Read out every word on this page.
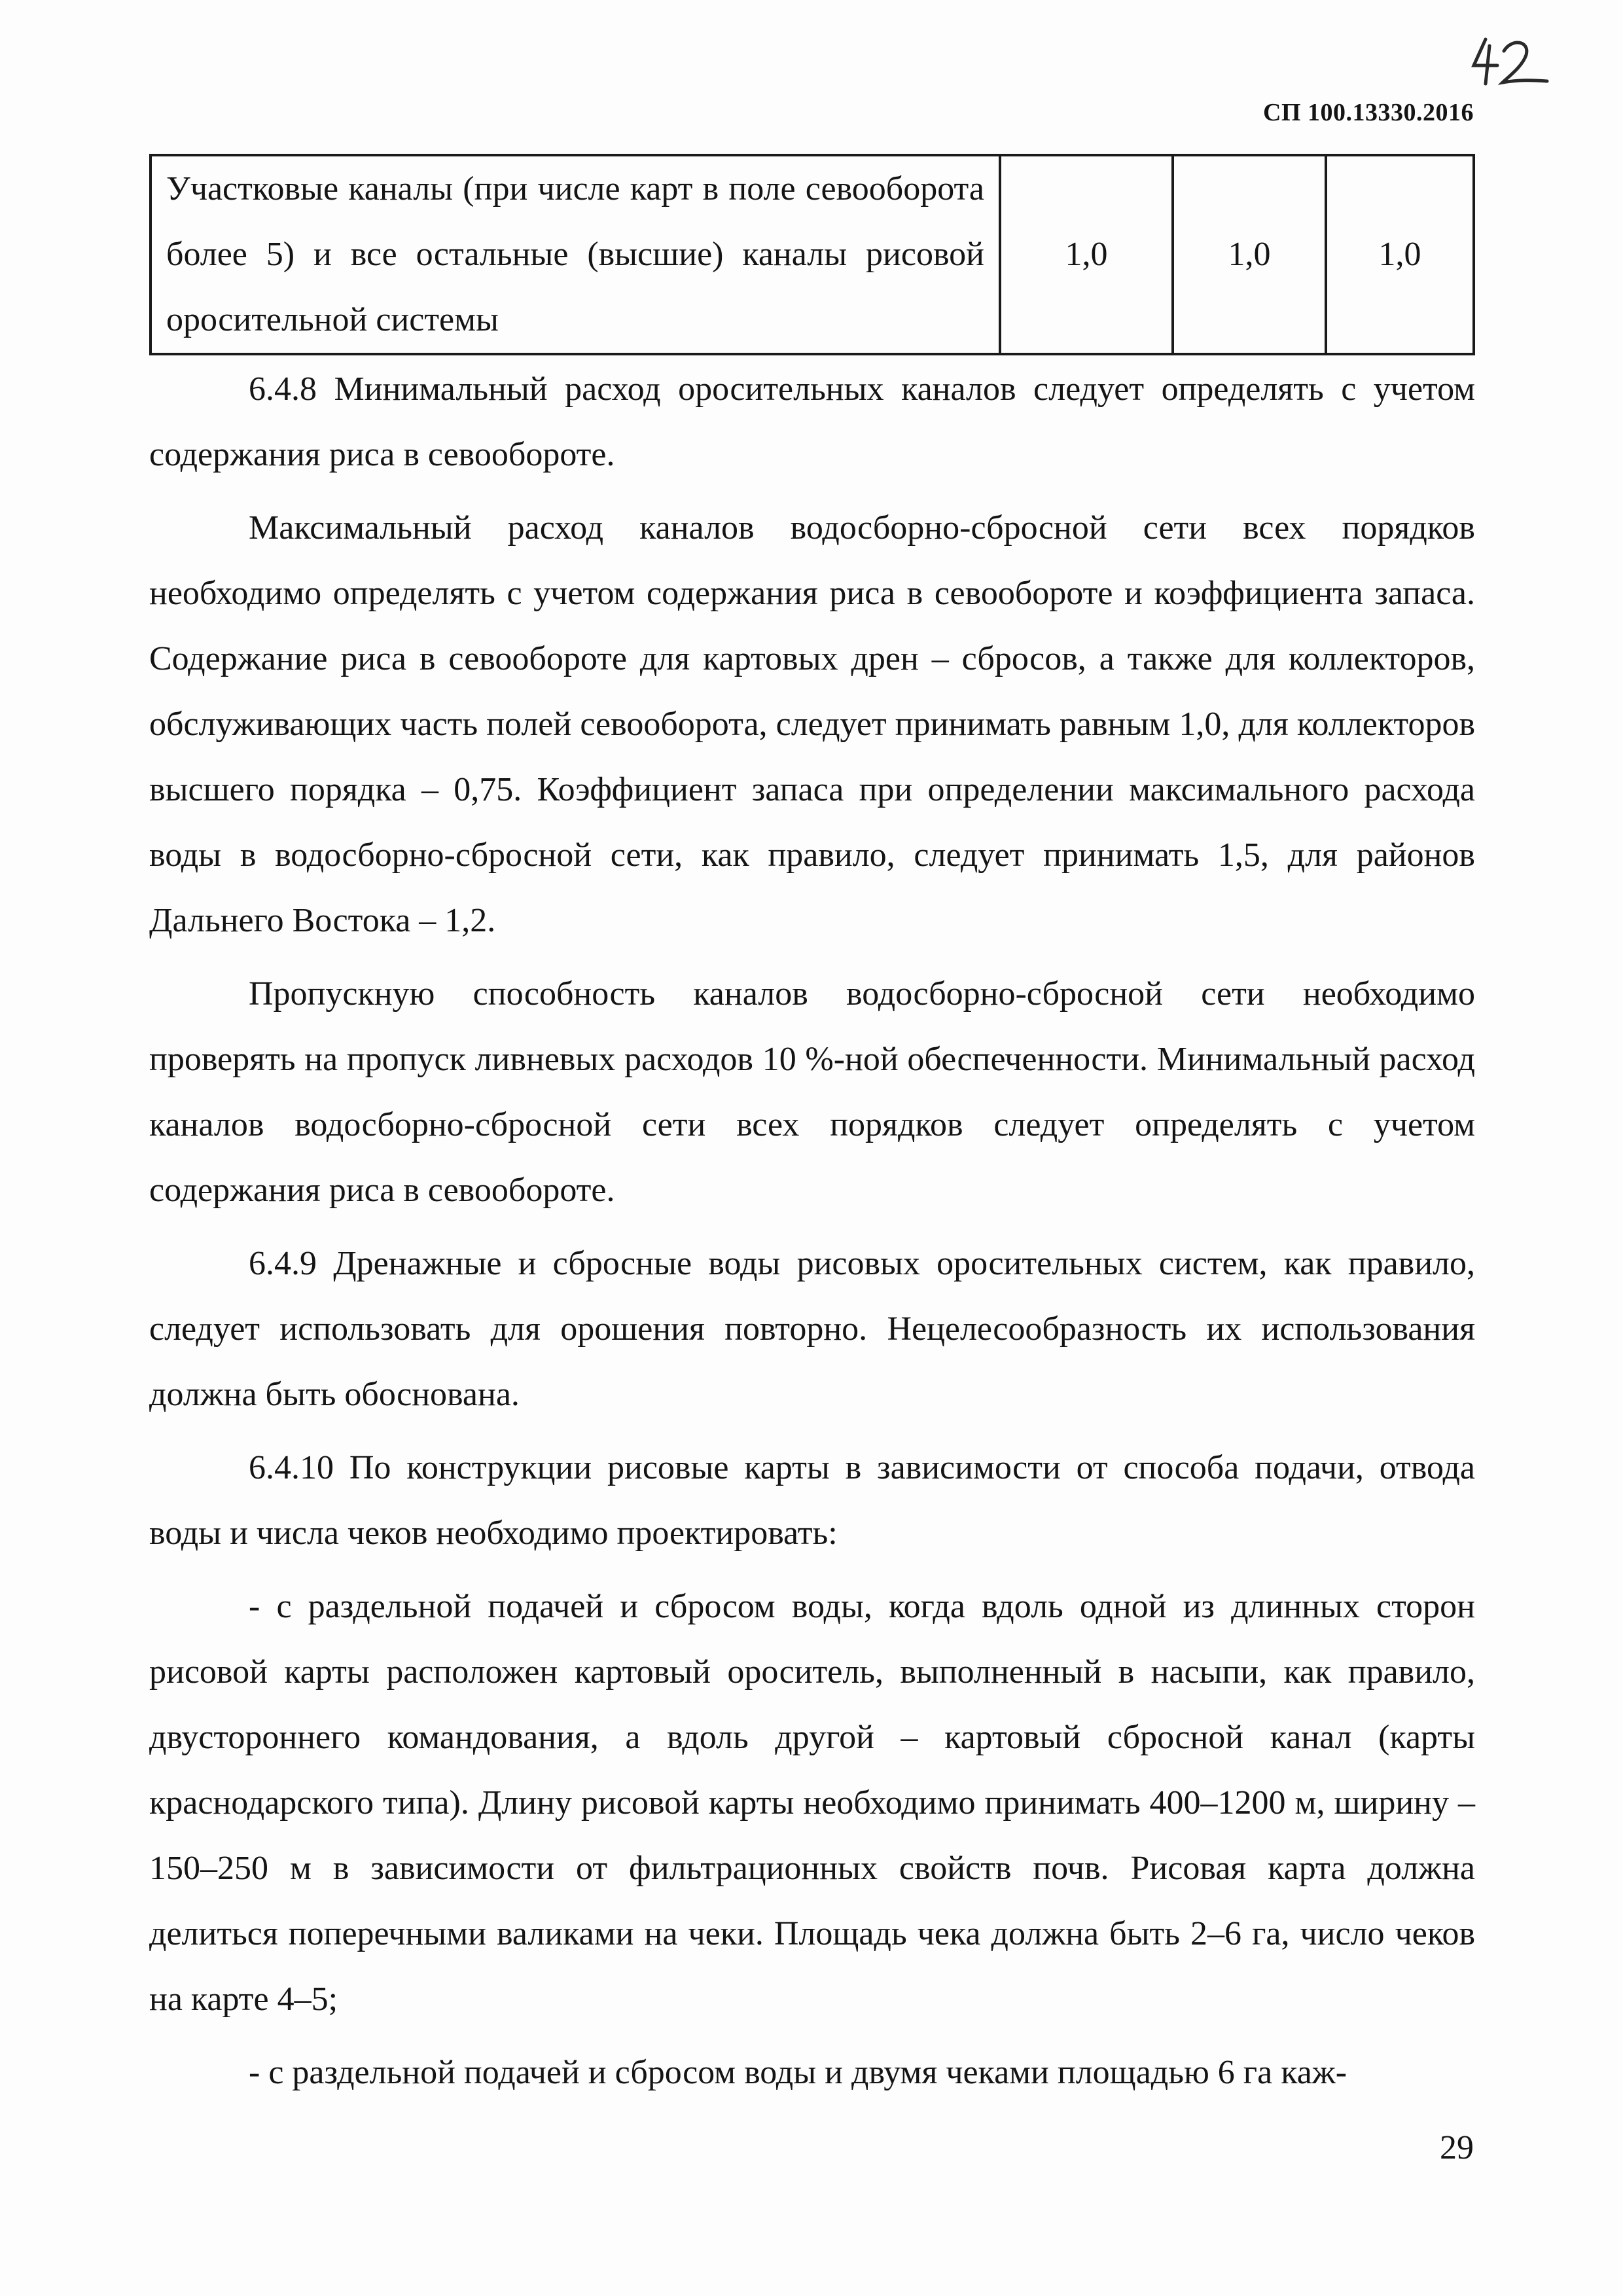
СП 100.13330.2016
Участковые каналы (при числе карт в поле севооборота более 5) и все остальные (высшие) каналы рисовой оросительной системы	1,0	1,0	1,0

6.4.8 Минимальный расход оросительных каналов следует определять с учетом содержания риса в севообороте.

Максимальный расход каналов водосборно-сбросной сети всех порядков необходимо определять с учетом содержания риса в севообороте и коэффициента запаса. Содержание риса в севообороте для картовых дрен – сбросов, а также для коллекторов, обслуживающих часть полей севооборота, следует принимать равным 1,0, для коллекторов высшего порядка – 0,75. Коэффициент запаса при определении максимального расхода воды в водосборно-сбросной сети, как правило, следует принимать 1,5, для районов Дальнего Востока – 1,2.

Пропускную способность каналов водосборно-сбросной сети необходимо проверять на пропуск ливневых расходов 10 %-ной обеспеченности. Минимальный расход каналов водосборно-сбросной сети всех порядков следует определять с учетом содержания риса в севообороте.

6.4.9 Дренажные и сбросные воды рисовых оросительных систем, как правило, следует использовать для орошения повторно. Нецелесообразность их использования должна быть обоснована.

6.4.10 По конструкции рисовые карты в зависимости от способа подачи, отвода воды и числа чеков необходимо проектировать:

- с раздельной подачей и сбросом воды, когда вдоль одной из длинных сторон рисовой карты расположен картовый ороситель, выполненный в насыпи, как правило, двустороннего командования, а вдоль другой – картовый сбросной канал (карты краснодарского типа). Длину рисовой карты необходимо принимать 400–1200 м, ширину – 150–250 м в зависимости от фильтрационных свойств почв. Рисовая карта должна делиться поперечными валиками на чеки. Площадь чека должна быть 2–6 га, число чеков на карте 4–5;

- с раздельной подачей и сбросом воды и двумя чеками площадью 6 га каж-

29
